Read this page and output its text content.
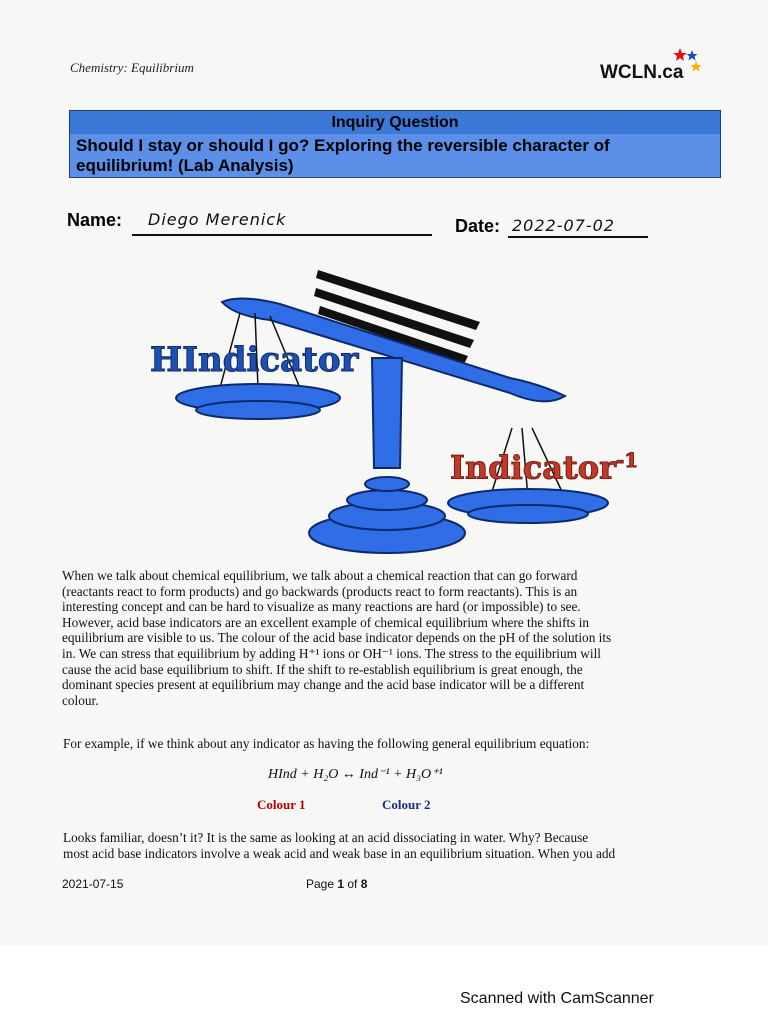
Chemistry: Equilibrium	WCLN.ca
Inquiry Question
Should I stay or should I go? Exploring the reversible character of
equilibrium! (Lab Analysis)
Name: Diego Merenick	Date: 2022-07-02
HIndicator
Indicator$^{-1}$
When we talk about chemical equilibrium, we talk about a chemical reaction that can go forward
(reactants react to form products) and go backwards (products react to form reactants). This is an
interesting concept and can be hard to visualize as many reactions are hard (or impossible) to see.
However, acid base indicators are an excellent example of chemical equilibrium where the shifts in
equilibrium are visible to us. The colour of the acid base indicator depends on the pH of the solution its
in. We can stress that equilibrium by adding H⁺¹ ions or OH⁻¹ ions. The stress to the equilibrium will
cause the acid base equilibrium to shift. If the shift to re-establish equilibrium is great enough, the
dominant species present at equilibrium may change and the acid base indicator will be a different
colour.
For example, if we think about any indicator as having the following general equilibrium equation:
HInd + H₂O ↔ Ind⁻¹ + H₃O⁺¹
Colour 1	Colour 2
Looks familiar, doesn’t it? It is the same as looking at an acid dissociating in water. Why? Because
most acid base indicators involve a weak acid and weak base in an equilibrium situation. When you add
2021-07-15	Page 1 of 8
Scanned with CamScanner
